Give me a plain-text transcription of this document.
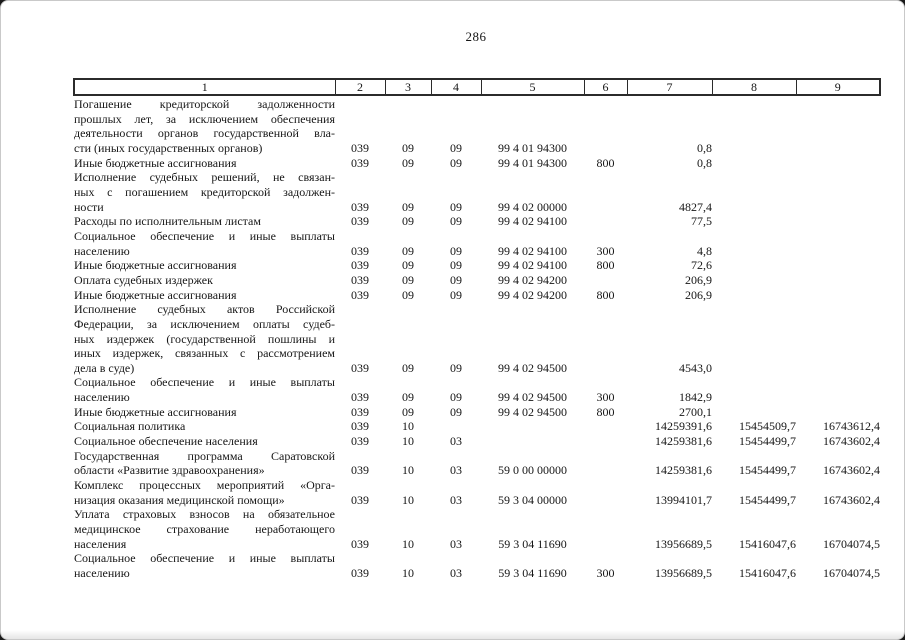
286
1	2	3	4	5	6	7	8	9

Погашение кредиторской задолженности
прошлых лет, за исключением обеспечения
деятельности органов государственной вла-
сти (иных государственных органов)	039	09	09	99 4 01 94300		0,8		

Иные бюджетные ассигнования	039	09	09	99 4 01 94300	800	0,8		

Исполнение судебных решений, не связан-
ных с погашением кредиторской задолжен-
ности	039	09	09	99 4 02 00000		4827,4		

Расходы по исполнительным листам	039	09	09	99 4 02 94100		77,5		

Социальное обеспечение и иные выплаты
населению	039	09	09	99 4 02 94100	300	4,8		

Иные бюджетные ассигнования	039	09	09	99 4 02 94100	800	72,6		

Оплата судебных издержек	039	09	09	99 4 02 94200		206,9		

Иные бюджетные ассигнования	039	09	09	99 4 02 94200	800	206,9		

Исполнение судебных актов Российской
Федерации, за исключением оплаты судеб-
ных издержек (государственной пошлины и
иных издержек, связанных с рассмотрением
дела в суде)	039	09	09	99 4 02 94500		4543,0		

Социальное обеспечение и иные выплаты
населению	039	09	09	99 4 02 94500	300	1842,9		

Иные бюджетные ассигнования	039	09	09	99 4 02 94500	800	2700,1		

Социальная политика	039	10				14259391,6	15454509,7	16743612,4

Социальное обеспечение населения	039	10	03			14259381,6	15454499,7	16743602,4

Государственная программа Саратовской
области «Развитие здравоохранения»	039	10	03	59 0 00 00000		14259381,6	15454499,7	16743602,4

Комплекс процессных мероприятий «Орга-
низация оказания медицинской помощи»	039	10	03	59 3 04 00000		13994101,7	15454499,7	16743602,4

Уплата страховых взносов на обязательное
медицинское страхование неработающего
населения	039	10	03	59 3 04 11690		13956689,5	15416047,6	16704074,5

Социальное обеспечение и иные выплаты
населению	039	10	03	59 3 04 11690	300	13956689,5	15416047,6	16704074,5
